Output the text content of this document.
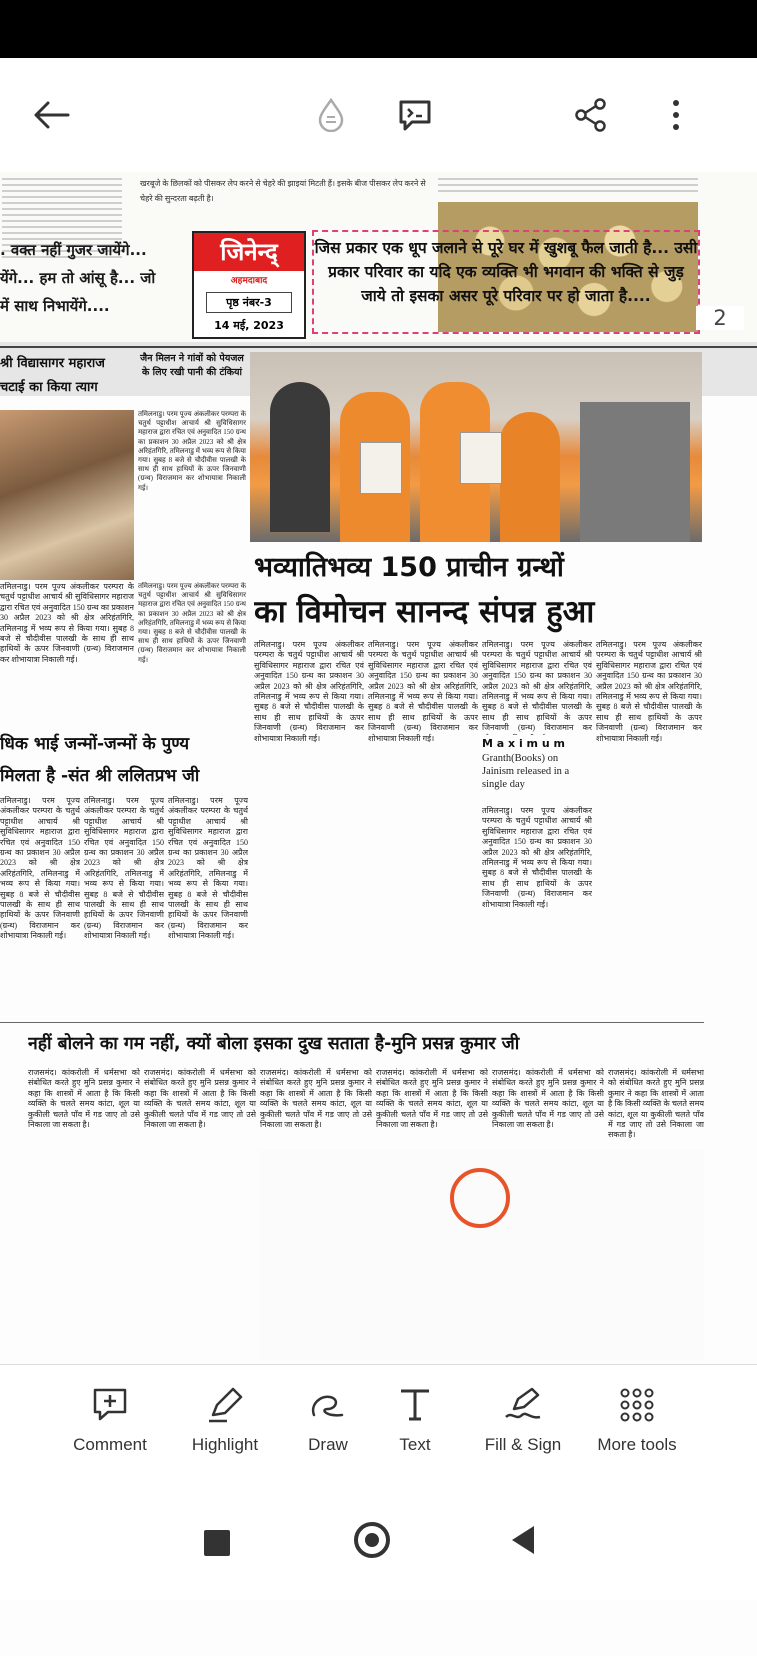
खरबूजे के छिलकों को पीसकर लेप करने से चेहरे की झाइयां मिटती हैं। इसके बीज पीसकर लेप करने से चेहरे की सुन्दरता बढ़ती है।
. वक्त नहीं गुजर जायेंगे...
येंगे... हम तो आंसू है... जो
में साथ निभायेंगे....
जिनेन्द्
अहमदाबाद
पृष्ठ नंबर-3
14 मई, 2023
जिस प्रकार एक धूप जलाने से पूरे घर में खुशबू फैल जाती है... उसी प्रकार परिवार का यदि एक व्यक्ति भी भगवान की भक्ति से जुड़ जाये तो इसका असर पूरे परिवार पर हो जाता है....
2
श्री विद्यासागर महाराज चटाई का किया त्याग
जैन मिलन ने गांवों को पेयजल के लिए रखी पानी की टंकियां
तमिलनाडु। परम पूज्य अंकलीकर परम्परा के चतुर्थ पट्टाधीश आचार्य श्री सुविधिसागर महाराज द्वारा रचित एवं अनुवादित 150 ग्रन्थ का प्रकाशन 30 अप्रैल 2023 को श्री क्षेत्र अरिहंतगिरि, तमिलनाडु में भव्य रूप से किया गया। सुबह 8 बजे से चौदीवीस पालखी के साथ ही साथ हाथियों के ऊपर जिनवाणी (ग्रन्थ) विराजमान कर शोभायात्रा निकाली गई।
भव्यातिभव्य 150 प्राचीन ग्रन्थों
का विमोचन सानन्द संपन्न हुआ
तमिलनाडु। परम पूज्य अंकलीकर परम्परा के चतुर्थ पट्टाधीश आचार्य श्री सुविधिसागर महाराज द्वारा रचित एवं अनुवादित 150 ग्रन्थ का प्रकाशन 30 अप्रैल 2023 को श्री क्षेत्र अरिहंतगिरि, तमिलनाडु में भव्य रूप से किया गया। सुबह 8 बजे से चौदीवीस पालखी के साथ ही साथ हाथियों के ऊपर जिनवाणी (ग्रन्थ) विराजमान कर शोभायात्रा निकाली गई।
तमिलनाडु। परम पूज्य अंकलीकर परम्परा के चतुर्थ पट्टाधीश आचार्य श्री सुविधिसागर महाराज द्वारा रचित एवं अनुवादित 150 ग्रन्थ का प्रकाशन 30 अप्रैल 2023 को श्री क्षेत्र अरिहंतगिरि, तमिलनाडु में भव्य रूप से किया गया। सुबह 8 बजे से चौदीवीस पालखी के साथ ही साथ हाथियों के ऊपर जिनवाणी (ग्रन्थ) विराजमान कर शोभायात्रा निकाली गई।
तमिलनाडु। परम पूज्य अंकलीकर परम्परा के चतुर्थ पट्टाधीश आचार्य श्री सुविधिसागर महाराज द्वारा रचित एवं अनुवादित 150 ग्रन्थ का प्रकाशन 30 अप्रैल 2023 को श्री क्षेत्र अरिहंतगिरि, तमिलनाडु में भव्य रूप से किया गया। सुबह 8 बजे से चौदीवीस पालखी के साथ ही साथ हाथियों के ऊपर जिनवाणी (ग्रन्थ) विराजमान कर शोभायात्रा निकाली गई।
तमिलनाडु। परम पूज्य अंकलीकर परम्परा के चतुर्थ पट्टाधीश आचार्य श्री सुविधिसागर महाराज द्वारा रचित एवं अनुवादित 150 ग्रन्थ का प्रकाशन 30 अप्रैल 2023 को श्री क्षेत्र अरिहंतगिरि, तमिलनाडु में भव्य रूप से किया गया। सुबह 8 बजे से चौदीवीस पालखी के साथ ही साथ हाथियों के ऊपर जिनवाणी (ग्रन्थ) विराजमान कर शोभायात्रा निकाली गई।
तमिलनाडु। परम पूज्य अंकलीकर परम्परा के चतुर्थ पट्टाधीश आचार्य श्री सुविधिसागर महाराज द्वारा रचित एवं अनुवादित 150 ग्रन्थ का प्रकाशन 30 अप्रैल 2023 को श्री क्षेत्र अरिहंतगिरि, तमिलनाडु में भव्य रूप से किया गया। सुबह 8 बजे से चौदीवीस पालखी के साथ ही साथ हाथियों के ऊपर जिनवाणी (ग्रन्थ) विराजमान कर
M a x i m u m
Granth(Books) on Jainism released in a single day
तमिलनाडु। परम पूज्य अंकलीकर परम्परा के चतुर्थ पट्टाधीश आचार्य श्री सुविधिसागर महाराज द्वारा रचित एवं अनुवादित 150 ग्रन्थ का प्रकाशन 30 अप्रैल 2023 को श्री क्षेत्र अरिहंतगिरि, तमिलनाडु में भव्य रूप से किया गया। सुबह 8 बजे से चौदीवीस पालखी के साथ ही साथ हाथियों के ऊपर जिनवाणी (ग्रन्थ) विराजमान कर शोभायात्रा निकाली गई।
तमिलनाडु। परम पूज्य अंकलीकर परम्परा के चतुर्थ पट्टाधीश आचार्य श्री सुविधिसागर महाराज द्वारा रचित एवं अनुवादित 150 ग्रन्थ का प्रकाशन 30 अप्रैल 2023 को श्री क्षेत्र अरिहंतगिरि, तमिलनाडु में भव्य रूप से किया गया। सुबह 8 बजे से चौदीवीस पालखी के साथ ही साथ हाथियों के ऊपर जिनवाणी (ग्रन्थ) विराजमान कर शोभायात्रा निकाली गई।
धिक भाई जन्मों-जन्मों के पुण्य
मिलता है -संत श्री ललितप्रभ जी
तमिलनाडु। परम पूज्य अंकलीकर परम्परा के चतुर्थ पट्टाधीश आचार्य श्री सुविधिसागर महाराज द्वारा रचित एवं अनुवादित 150 ग्रन्थ का प्रकाशन 30 अप्रैल 2023 को श्री क्षेत्र अरिहंतगिरि, तमिलनाडु में भव्य रूप से किया गया। सुबह 8 बजे से चौदीवीस पालखी के साथ ही साथ हाथियों के ऊपर जिनवाणी (ग्रन्थ) विराजमान कर शोभायात्रा निकाली गई।
तमिलनाडु। परम पूज्य अंकलीकर परम्परा के चतुर्थ पट्टाधीश आचार्य श्री सुविधिसागर महाराज द्वारा रचित एवं अनुवादित 150 ग्रन्थ का प्रकाशन 30 अप्रैल 2023 को श्री क्षेत्र अरिहंतगिरि, तमिलनाडु में भव्य रूप से किया गया। सुबह 8 बजे से चौदीवीस पालखी के साथ ही साथ हाथियों के ऊपर जिनवाणी (ग्रन्थ) विराजमान कर शोभायात्रा निकाली गई।
तमिलनाडु। परम पूज्य अंकलीकर परम्परा के चतुर्थ पट्टाधीश आचार्य श्री सुविधिसागर महाराज द्वारा रचित एवं अनुवादित 150 ग्रन्थ का प्रकाशन 30 अप्रैल 2023 को श्री क्षेत्र अरिहंतगिरि, तमिलनाडु में भव्य रूप से किया गया। सुबह 8 बजे से चौदीवीस पालखी के साथ ही साथ हाथियों के ऊपर जिनवाणी (ग्रन्थ) विराजमान कर शोभायात्रा निकाली गई।
नहीं बोलने का गम नहीं, क्यों बोला इसका दुख सताता है-मुनि प्रसन्न कुमार जी
राजसमंद। कांकरोली में धर्मसभा को संबोधित करते हुए मुनि प्रसन्न कुमार ने कहा कि शास्त्रों में आता है कि किसी व्यक्ति के चलते समय कांटा, शूल या कुकीली चलते पाँव में गड जाए तो उसे निकाला जा सकता है।
राजसमंद। कांकरोली में धर्मसभा को संबोधित करते हुए मुनि प्रसन्न कुमार ने कहा कि शास्त्रों में आता है कि किसी व्यक्ति के चलते समय कांटा, शूल या कुकीली चलते पाँव में गड जाए तो उसे निकाला जा सकता है।
राजसमंद। कांकरोली में धर्मसभा को संबोधित करते हुए मुनि प्रसन्न कुमार ने कहा कि शास्त्रों में आता है कि किसी व्यक्ति के चलते समय कांटा, शूल या कुकीली चलते पाँव में गड जाए तो उसे निकाला जा सकता है।
राजसमंद। कांकरोली में धर्मसभा को संबोधित करते हुए मुनि प्रसन्न कुमार ने कहा कि शास्त्रों में आता है कि किसी व्यक्ति के चलते समय कांटा, शूल या कुकीली चलते पाँव में गड जाए तो उसे निकाला जा सकता है।
राजसमंद। कांकरोली में धर्मसभा को संबोधित करते हुए मुनि प्रसन्न कुमार ने कहा कि शास्त्रों में आता है कि किसी व्यक्ति के चलते समय कांटा, शूल या कुकीली चलते पाँव में गड जाए तो उसे निकाला जा सकता है।
राजसमंद। कांकरोली में धर्मसभा को संबोधित करते हुए मुनि प्रसन्न कुमार ने कहा कि शास्त्रों में आता है कि किसी व्यक्ति के चलते समय कांटा, शूल या कुकीली चलते पाँव में गड जाए तो उसे निकाला जा सकता है।
Comment	Highlight	Draw	Text	Fill & Sign	More tools
